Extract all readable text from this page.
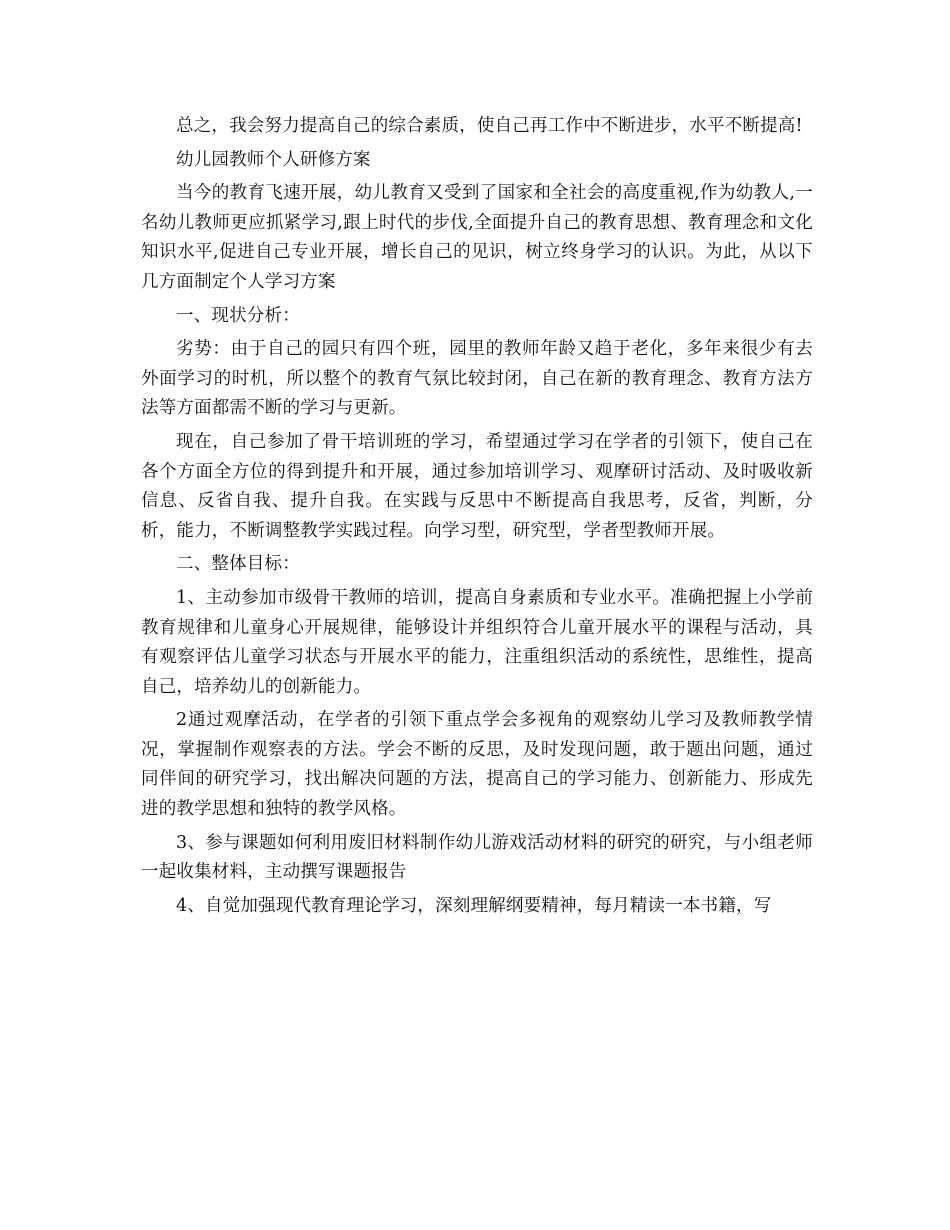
总之，我会努力提高自己的综合素质，使自己再工作中不断进步，水平不断提高!

幼儿园教师个人研修方案

当今的教育飞速开展，幼儿教育又受到了国家和全社会的高度重视,作为幼教人,一名幼儿教师更应抓紧学习,跟上时代的步伐,全面提升自己的教育思想、教育理念和文化知识水平,促进自己专业开展，增长自己的见识，树立终身学习的认识。为此，从以下几方面制定个人学习方案

一、现状分析：

劣势：由于自己的园只有四个班，园里的教师年龄又趋于老化，多年来很少有去外面学习的时机，所以整个的教育气氛比较封闭，自己在新的教育理念、教育方法方法等方面都需不断的学习与更新。

现在，自己参加了骨干培训班的学习，希望通过学习在学者的引领下，使自己在各个方面全方位的得到提升和开展，通过参加培训学习、观摩研讨活动、及时吸收新信息、反省自我、提升自我。在实践与反思中不断提高自我思考，反省，判断，分析，能力，不断调整教学实践过程。向学习型，研究型，学者型教师开展。

二、整体目标：

1、主动参加市级骨干教师的培训，提高自身素质和专业水平。准确把握上小学前教育规律和儿童身心开展规律，能够设计并组织符合儿童开展水平的课程与活动，具有观察评估儿童学习状态与开展水平的能力，注重组织活动的系统性，思维性，提高自己，培养幼儿的创新能力。

2通过观摩活动，在学者的引领下重点学会多视角的观察幼儿学习及教师教学情况，掌握制作观察表的方法。学会不断的反思，及时发现问题，敢于题出问题，通过同伴间的研究学习，找出解决问题的方法，提高自己的学习能力、创新能力、形成先进的教学思想和独特的教学风格。

3、参与课题如何利用废旧材料制作幼儿游戏活动材料的研究的研究，与小组老师一起收集材料，主动撰写课题报告

4、自觉加强现代教育理论学习，深刻理解纲要精神，每月精读一本书籍，写
